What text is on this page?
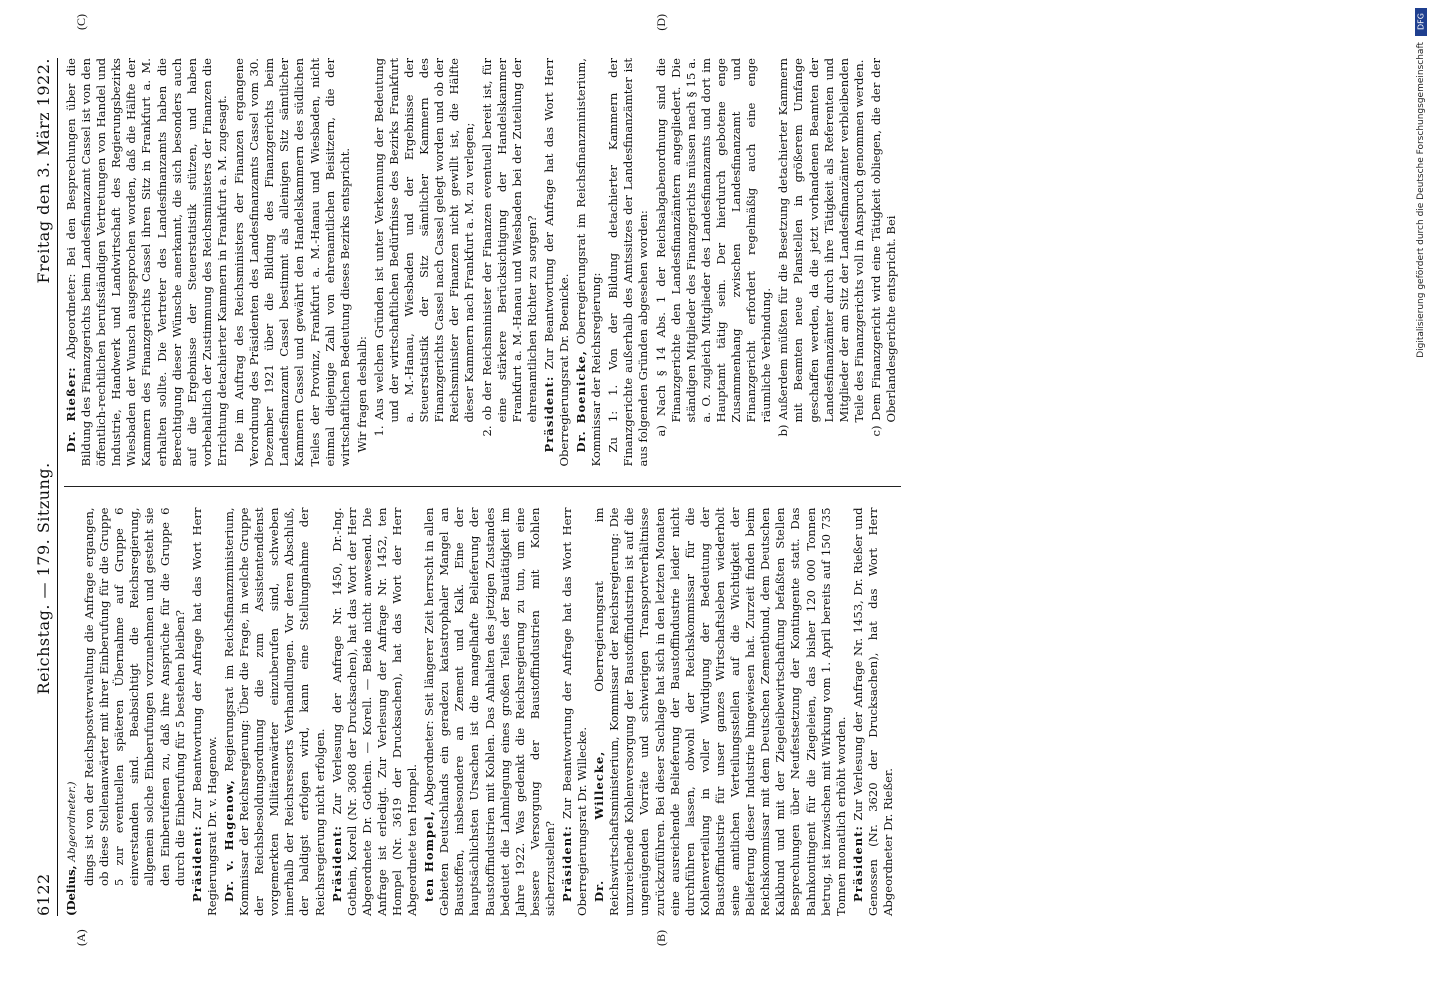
6122
Reichstag. — 179. Sitzung.
Freitag den 3. März 1922.
(A)	(B)
(C)	(D)

(Delius, Abgeordneter.) dings ist von der Reichspostverwaltung die Anfrage ergangen, ob diese Stellenanwärter mit ihrer Einberufung für die Gruppe 5 zur eventuellen späteren Übernahme auf Gruppe 6 einverstanden sind. Beabsichtigt die Reichsregierung, allgemein solche Einberufungen vorzunehmen und gesteht sie den Einberufenen zu, daß ihre Ansprüche für die Gruppe 6 durch die Einberufung für 5 bestehen bleiben? Präsident: Zur Beantwortung der Anfrage hat das Wort Herr Regierungsrat Dr. v. Hagenow. Dr. v. Hagenow, Regierungsrat im Reichsfinanzministerium, Kommissar der Reichsregierung: Über die Frage, in welche Gruppe der Reichsbesoldungsordnung die zum Assistentendienst vorgemerkten Militäranwärter einzuberufen sind, schweben innerhalb der Reichsressorts Verhandlungen. Vor deren Abschluß, der baldigst erfolgen wird, kann eine Stellungnahme der Reichsregierung nicht erfolgen. Präsident: Zur Verlesung der Anfrage Nr. 1450, Dr.-Ing. Gothein, Korell (Nr. 3608 der Drucksachen), hat das Wort der Herr Abgeordnete Dr. Gothein. — Korell. — Beide nicht anwesend. Die Anfrage ist erledigt. Zur Verlesung der Anfrage Nr. 1452, ten Hompel (Nr. 3619 der Drucksachen), hat das Wort der Herr Abgeordnete ten Hompel. ten Hompel, Abgeordneter: Seit längerer Zeit herrscht in allen Gebieten Deutschlands ein geradezu katastrophaler Mangel an Baustoffen, insbesondere an Zement und Kalk. Eine der hauptsächlichsten Ursachen ist die mangelhafte Belieferung der Baustoffindustrien mit Kohlen. Das Anhalten des jetzigen Zustandes bedeutet die Lahmlegung eines großen Teiles der Bautätigkeit im Jahre 1922. Was gedenkt die Reichsregierung zu tun, um eine bessere Versorgung der Baustoffindustrien mit Kohlen sicherzustellen? Präsident: Zur Beantwortung der Anfrage hat das Wort Herr Oberregierungsrat Dr. Willecke. Dr. Willecke, Oberregierungsrat im Reichswirtschaftsministerium, Kommissar der Reichsregierung: Die unzureichende Kohlenversorgung der Baustoffindustrien ist auf die ungenügenden Vorräte und schwierigen Transportverhältnisse zurückzuführen. Bei dieser Sachlage hat sich in den letzten Monaten eine ausreichende Belieferung der Baustoffindustrie leider nicht durchführen lassen, obwohl der Reichskommissar für die Kohlenverteilung in voller Würdigung der Bedeutung der Baustoffindustrie für unser ganzes Wirtschaftsleben wiederholt seine amtlichen Verteilungsstellen auf die Wichtigkeit der Belieferung dieser Industrie hingewiesen hat. Zurzeit finden beim Reichskommissar mit dem Deutschen Zementbund, dem Deutschen Kalkbund und mit der Ziegeleibewirtschaftung befaßten Stellen Besprechungen über Neufestsetzung der Kontingente statt. Das Bahnkontingent für die Ziegeleien, das bisher 120 000 Tonnen betrug, ist inzwischen mit Wirkung vom 1. April bereits auf 150 735 Tonnen monatlich erhöht worden. Präsident: Zur Verlesung der Anfrage Nr. 1453, Dr. Rießer und Genossen (Nr. 3620 der Drucksachen), hat das Wort Herr Abgeordneter Dr. Rießer.

Dr. Rießer: Abgeordneter: Bei den Besprechungen über die Bildung des Finanzgerichts beim Landesfinanzamt Cassel ist von den öffentlich-rechtlichen berufsständigen Vertretungen von Handel und Industrie, Handwerk und Landwirtschaft des Regierungsbezirks Wiesbaden der Wunsch ausgesprochen worden, daß die Hälfte der Kammern des Finanzgerichts Cassel ihren Sitz in Frankfurt a. M. erhalten sollte. Die Vertreter des Landesfinanzamts haben die Berechtigung dieser Wünsche anerkannt, die sich besonders auch auf die Ergebnisse der Steuerstatistik stützen, und haben vorbehaltlich der Zustimmung des Reichsministers der Finanzen die Errichtung detachierter Kammern in Frankfurt a. M. zugesagt. Die im Auftrag des Reichsministers der Finanzen ergangene Verordnung des Präsidenten des Landesfinanzamts Cassel vom 30. Dezember 1921 über die Bildung des Finanzgerichts beim Landesfinanzamt Cassel bestimmt als alleinigen Sitz sämtlicher Kammern Cassel und gewährt den Handelskammern des südlichen Teiles der Provinz, Frankfurt a. M.-Hanau und Wiesbaden, nicht einmal diejenige Zahl von ehrenamtlichen Beisitzern, die der wirtschaftlichen Bedeutung dieses Bezirks entspricht. Wir fragen deshalb: 1. Aus welchen Gründen ist unter Verkennung der Bedeutung und der wirtschaftlichen Bedürfnisse des Bezirks Frankfurt a. M.-Hanau, Wiesbaden und der Ergebnisse der Steuerstatistik der Sitz sämtlicher Kammern des Finanzgerichts Cassel nach Cassel gelegt worden und ob der Reichsminister der Finanzen nicht gewillt ist, die Hälfte dieser Kammern nach Frankfurt a. M. zu verlegen;

2. ob der Reichsminister der Finanzen eventuell bereit ist, für eine stärkere Berücksichtigung der Handelskammer Frankfurt a. M.-Hanau und Wiesbaden bei der Zuteilung der ehrenamtlichen Richter zu sorgen? Präsident: Zur Beantwortung der Anfrage hat das Wort Herr Oberregierungsrat Dr. Boenicke. Dr. Boenicke, Oberregierungsrat im Reichsfinanzministerium, Kommissar der Reichsregierung: Zu 1: 1. Von der Bildung detachierter Kammern der Finanzgerichte außerhalb des Amtssitzes der Landesfinanzämter ist aus folgenden Gründen abgesehen worden: a) Nach § 14 Abs. 1 der Reichsabgabenordnung sind die Finanzgerichte den Landesfinanzämtern angegliedert. Die ständigen Mitglieder des Finanzgerichts müssen nach § 15 a. a. O. zugleich Mitglieder des Landesfinanzamts und dort im Hauptamt tätig sein. Der hierdurch gebotene enge Zusammenhang zwischen Landesfinanzamt und Finanzgericht erfordert regelmäßig auch eine enge räumliche Verbindung.

b) Außerdem müßten für die Besetzung detachierter Kammern mit Beamten neue Planstellen in größerem Umfange geschaffen werden, da die jetzt vorhandenen Beamten der Landesfinanzämter durch ihre Tätigkeit als Referenten und Mitglieder der am Sitz der Landesfinanzämter verbleibenden Teile des Finanzgerichts voll in Anspruch genommen werden.

c) Dem Finanzgericht wird eine Tätigkeit obliegen, die der der Oberlandesgerichte entspricht. Bei

DFG
Digitalisierung gefördert durch die Deutsche Forschungsgemeinschaft
